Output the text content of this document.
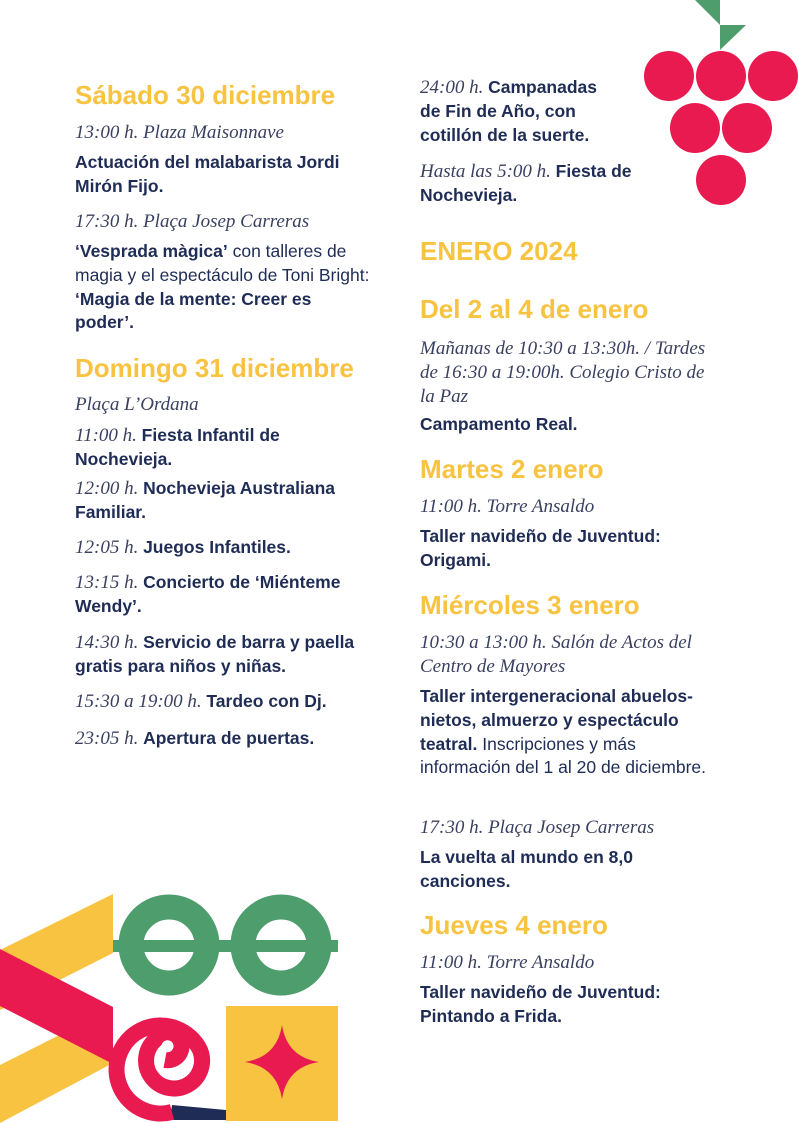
Sábado 30 diciembre
13:00 h. Plaza Maisonnave
Actuación del malabarista Jordi Mirón Fijo.
17:30 h. Plaça Josep Carreras
‘Vesprada màgica’ con talleres de magia y el espectáculo de Toni Bright: ‘Magia de la mente: Creer es poder’.
Domingo 31 diciembre
Plaça L’Ordana
11:00 h. Fiesta Infantil de Nochevieja.
12:00 h. Nochevieja Australiana Familiar.
12:05 h. Juegos Infantiles.
13:15 h. Concierto de ‘Miénteme Wendy’.
14:30 h. Servicio de barra y paella gratis para niños y niñas.
15:30 a 19:00 h. Tardeo con Dj.
23:05 h. Apertura de puertas.
24:00 h. Campanadas de Fin de Año, con cotillón de la suerte.
Hasta las 5:00 h. Fiesta de Nochevieja.
ENERO 2024
Del 2 al 4 de enero
Mañanas de 10:30 a 13:30h. / Tardes de 16:30 a 19:00h. Colegio Cristo de la Paz
Campamento Real.
Martes 2 enero
11:00 h. Torre Ansaldo
Taller navideño de Juventud: Origami.
Miércoles 3 enero
10:30 a 13:00 h. Salón de Actos del Centro de Mayores
Taller intergeneracional abuelos-nietos, almuerzo y espectáculo teatral. Inscripciones y más información del 1 al 20 de diciembre.
17:30 h. Plaça Josep Carreras
La vuelta al mundo en 8,0 canciones.
Jueves 4 enero
11:00 h. Torre Ansaldo
Taller navideño de Juventud: Pintando a Frida.
